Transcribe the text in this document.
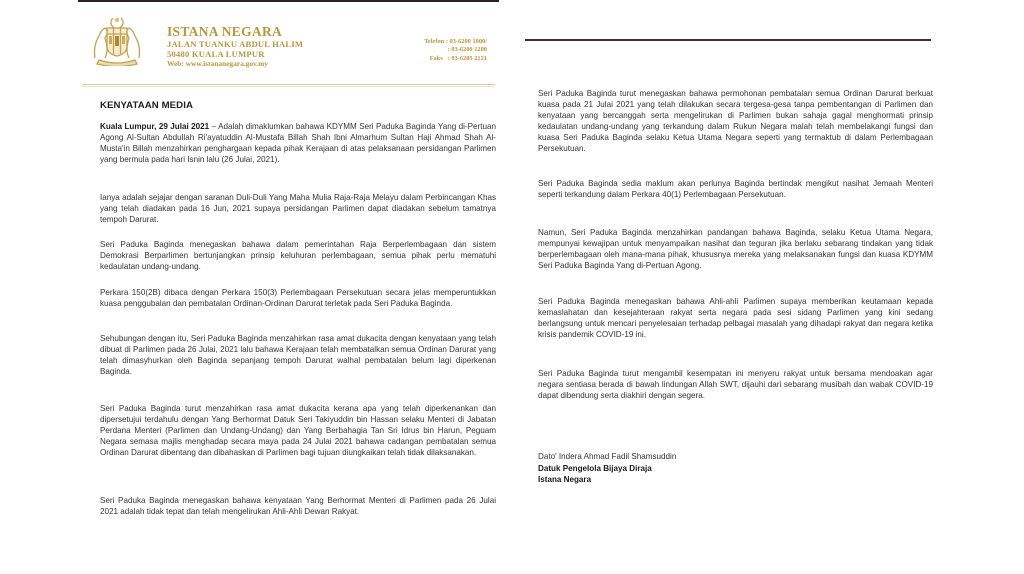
ISTANA NEGARA
JALAN TUANKU ABDUL HALIM
50480 KUALA LUMPUR
Web: www.istananegara.gov.my
Telefon : 03-6200 1000/
: 03-6200 1200
Faks   : 03-6205 2121
KENYATAAN MEDIA
Kuala Lumpur, 29 Julai 2021 – Adalah dimaklumkan bahawa KDYMM Seri Paduka Baginda Yang di-Pertuan Agong Al-Sultan Abdullah Ri'ayatuddin Al-Mustafa Billah Shah Ibni Almarhum Sultan Haji Ahmad Shah Al-Musta'in Billah menzahirkan penghargaan kepada pihak Kerajaan di atas pelaksanaan persidangan Parlimen yang bermula pada hari Isnin lalu (26 Julai, 2021).
Ianya adalah sejajar dengan saranan Duli-Duli Yang Maha Mulia Raja-Raja Melayu dalam Perbincangan Khas yang telah diadakan pada 16 Jun, 2021 supaya persidangan Parlimen dapat diadakan sebelum tamatnya tempoh Darurat.
Seri Paduka Baginda menegaskan bahawa dalam pemerintahan Raja Berperlembagaan dan sistem Demokrasi Berparlimen bertunjangkan prinsip keluhuran perlembagaan, semua pihak perlu mematuhi kedaulatan undang-undang.
Perkara 150(2B) dibaca dengan Perkara 150(3) Perlembagaan Persekutuan secara jelas memperuntukkan kuasa penggubalan dan pembatalan Ordinan-Ordinan Darurat terletak pada Seri Paduka Baginda.
Sehubungan dengan itu, Seri Paduka Baginda menzahirkan rasa amat dukacita dengan kenyataan yang telah dibuat di Parlimen pada 26 Julai, 2021 lalu bahawa Kerajaan telah membatalkan semua Ordinan Darurat yang telah dimasyhurkan oleh Baginda sepanjang tempoh Darurat walhal pembatalan belum lagi diperkenan Baginda.
Seri Paduka Baginda turut menzahirkan rasa amat dukacita kerana apa yang telah diperkenankan dan dipersetujui terdahulu dengan Yang Berhormat Datuk Seri Takiyuddin bin Hassan selaku Menteri di Jabatan Perdana Menteri (Parlimen dan Undang-Undang) dan Yang Berbahagia Tan Sri Idrus bin Harun, Peguam Negara semasa majlis menghadap secara maya pada 24 Julai 2021 bahawa cadangan pembatalan semua Ordinan Darurat dibentang dan dibahaskan di Parlimen bagi tujuan diungkaikan telah tidak dilaksanakan.
Seri Paduka Baginda menegaskan bahawa kenyataan Yang Berhormat Menteri di Parlimen pada 26 Julai 2021 adalah tidak tepat dan telah mengelirukan Ahli-Ahli Dewan Rakyat.
Seri Paduka Baginda turut menegaskan bahawa permohonan pembatalan semua Ordinan Darurat berkuat kuasa pada 21 Julai 2021 yang telah dilakukan secara tergesa-gesa tanpa pembentangan di Parlimen dan kenyataan yang bercanggah serta mengelirukan di Parlimen bukan sahaja gagal menghormati prinsip kedaulatan undang-undang yang terkandung dalam Rukun Negara malah telah membelakangi fungsi dan kuasa Seri Paduka Baginda selaku Ketua Utama Negara seperti yang termaktub di dalam Perlembagaan Persekutuan.
Seri Paduka Baginda sedia maklum akan perlunya Baginda bertindak mengikut nasihat Jemaah Menteri seperti terkandung dalam Perkara 40(1) Perlembagaan Persekutuan.
Namun, Seri Paduka Baginda menzahirkan pandangan bahawa Baginda, selaku Ketua Utama Negara, mempunyai kewajipan untuk menyampaikan nasihat dan teguran jika berlaku sebarang tindakan yang tidak berperlembagaan oleh mana-mana pihak, khususnya mereka yang melaksanakan fungsi dan kuasa KDYMM Seri Paduka Baginda Yang di-Pertuan Agong.
Seri Paduka Baginda menegaskan bahawa Ahli-ahli Parlimen supaya memberikan keutamaan kepada kemaslahatan dan kesejahteraan rakyat serta negara pada sesi sidang Parlimen yang kini sedang berlangsung untuk mencari penyelesaian terhadap pelbagai masalah yang dihadapi rakyat dan negara ketika krisis pandemik COVID-19 ini.
Seri Paduka Baginda turut mengambil kesempatan ini menyeru rakyat untuk bersama mendoakan agar negara sentiasa berada di bawah lindungan Allah SWT, dijauhi dari sebarang musibah dan wabak COVID-19 dapat dibendung serta diakhiri dengan segera.
Dato' Indera Ahmad Fadil Shamsuddin
Datuk Pengelola Bijaya Diraja
Istana Negara
